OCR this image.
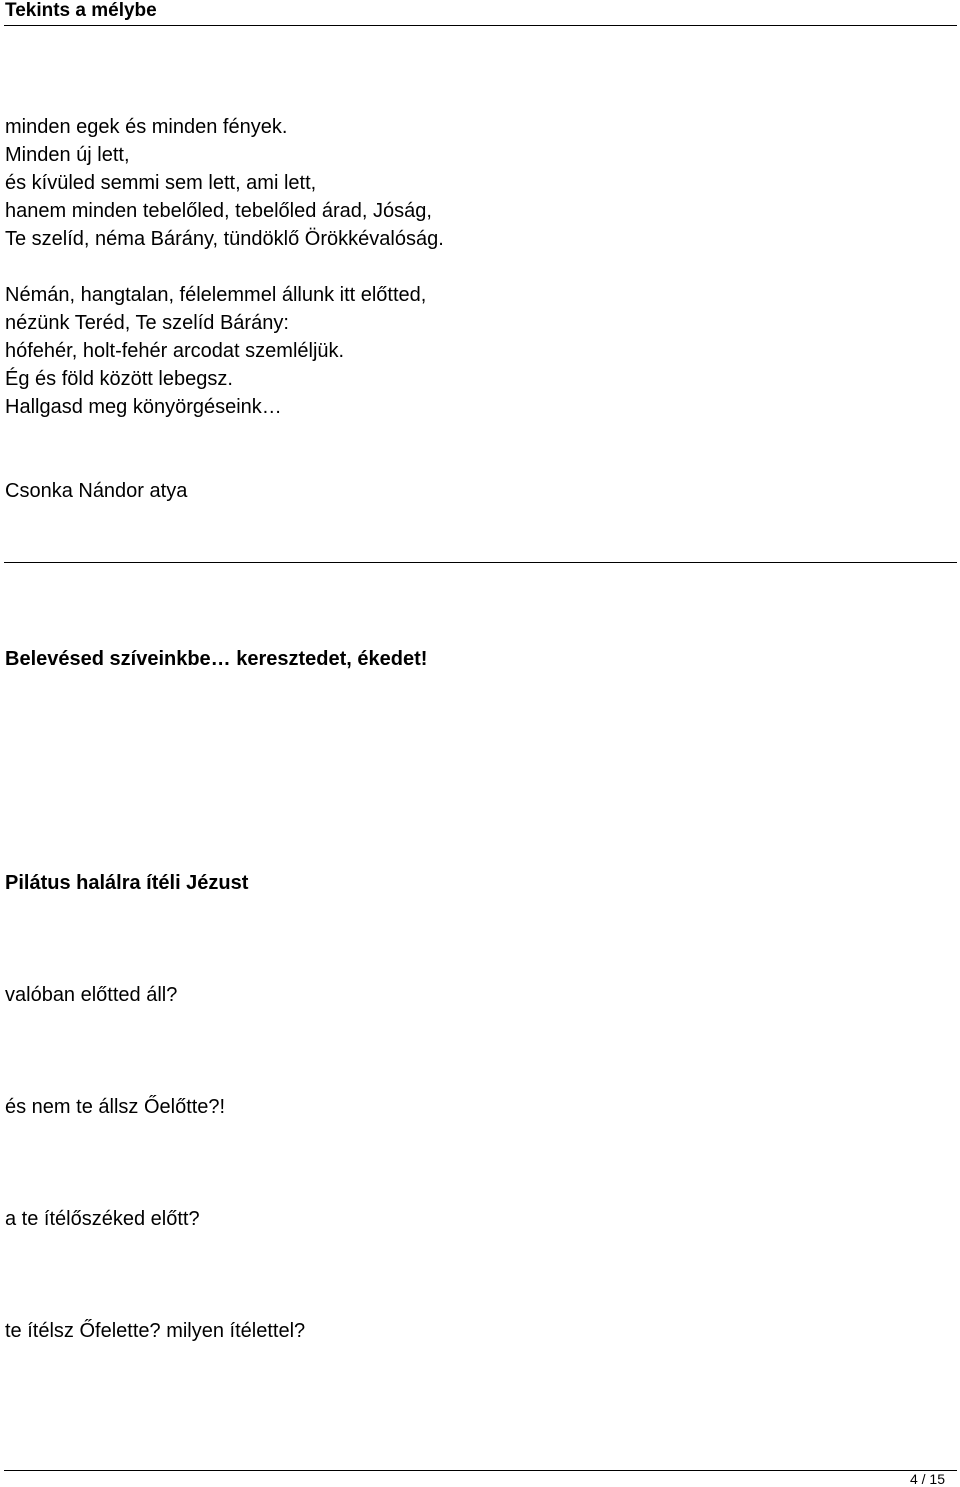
Tekints a mélybe
minden egek és minden fények.
Minden új lett,
és kívüled semmi sem lett, ami lett,
hanem minden tebelőled, tebelőled árad, Jóság,
Te szelíd, néma Bárány, tündöklő Örökkévalóság.
Némán, hangtalan, félelemmel állunk itt előtted,
nézünk Teréd, Te szelíd Bárány:
hófehér, holt-fehér arcodat szemléljük.
Ég és föld között lebegsz.
Hallgasd meg könyörgéseink…
Csonka Nándor atya
Belevésed szíveinkbe… keresztedet, ékedet!
Pilátus halálra ítéli Jézust
valóban előtted áll?
és nem te állsz Őelőtte?!
a te ítélőszéked előtt?
te ítélsz Őfelette? milyen ítélettel?
4 / 15
